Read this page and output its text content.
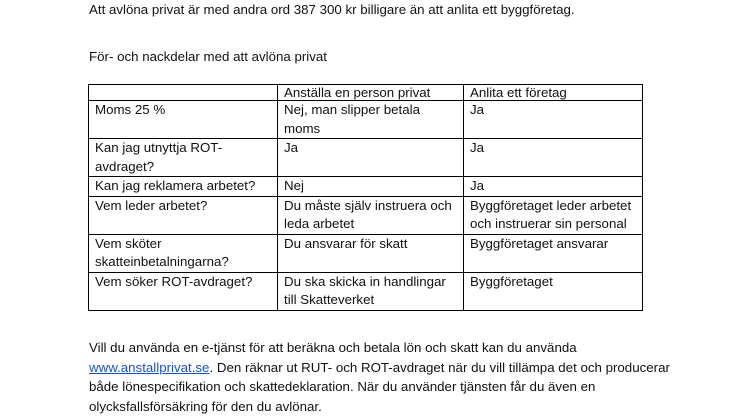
Att avlöna privat är med andra ord 387 300 kr billigare än att anlita ett byggföretag.
För- och nackdelar med att avlöna privat
	Anställa en person privat	Anlita ett företag
Moms 25 %	Nej, man slipper betala moms	Ja
Kan jag utnyttja ROT-avdraget?	Ja	Ja
Kan jag reklamera arbetet?	Nej	Ja
Vem leder arbetet?	Du måste själv instruera och leda arbetet	Byggföretaget leder arbetet och instruerar sin personal
Vem sköter skatteinbetalningarna?	Du ansvarar för skatt	Byggföretaget ansvarar
Vem söker ROT-avdraget?	Du ska skicka in handlingar till Skatteverket	Byggföretaget
Vill du använda en e-tjänst för att beräkna och betala lön och skatt kan du använda www.anstallprivat.se. Den räknar ut RUT- och ROT-avdraget när du vill tillämpa det och producerar både lönespecifikation och skattedeklaration. När du använder tjänsten får du även en olycksfallsförsäkring för den du avlönar.
